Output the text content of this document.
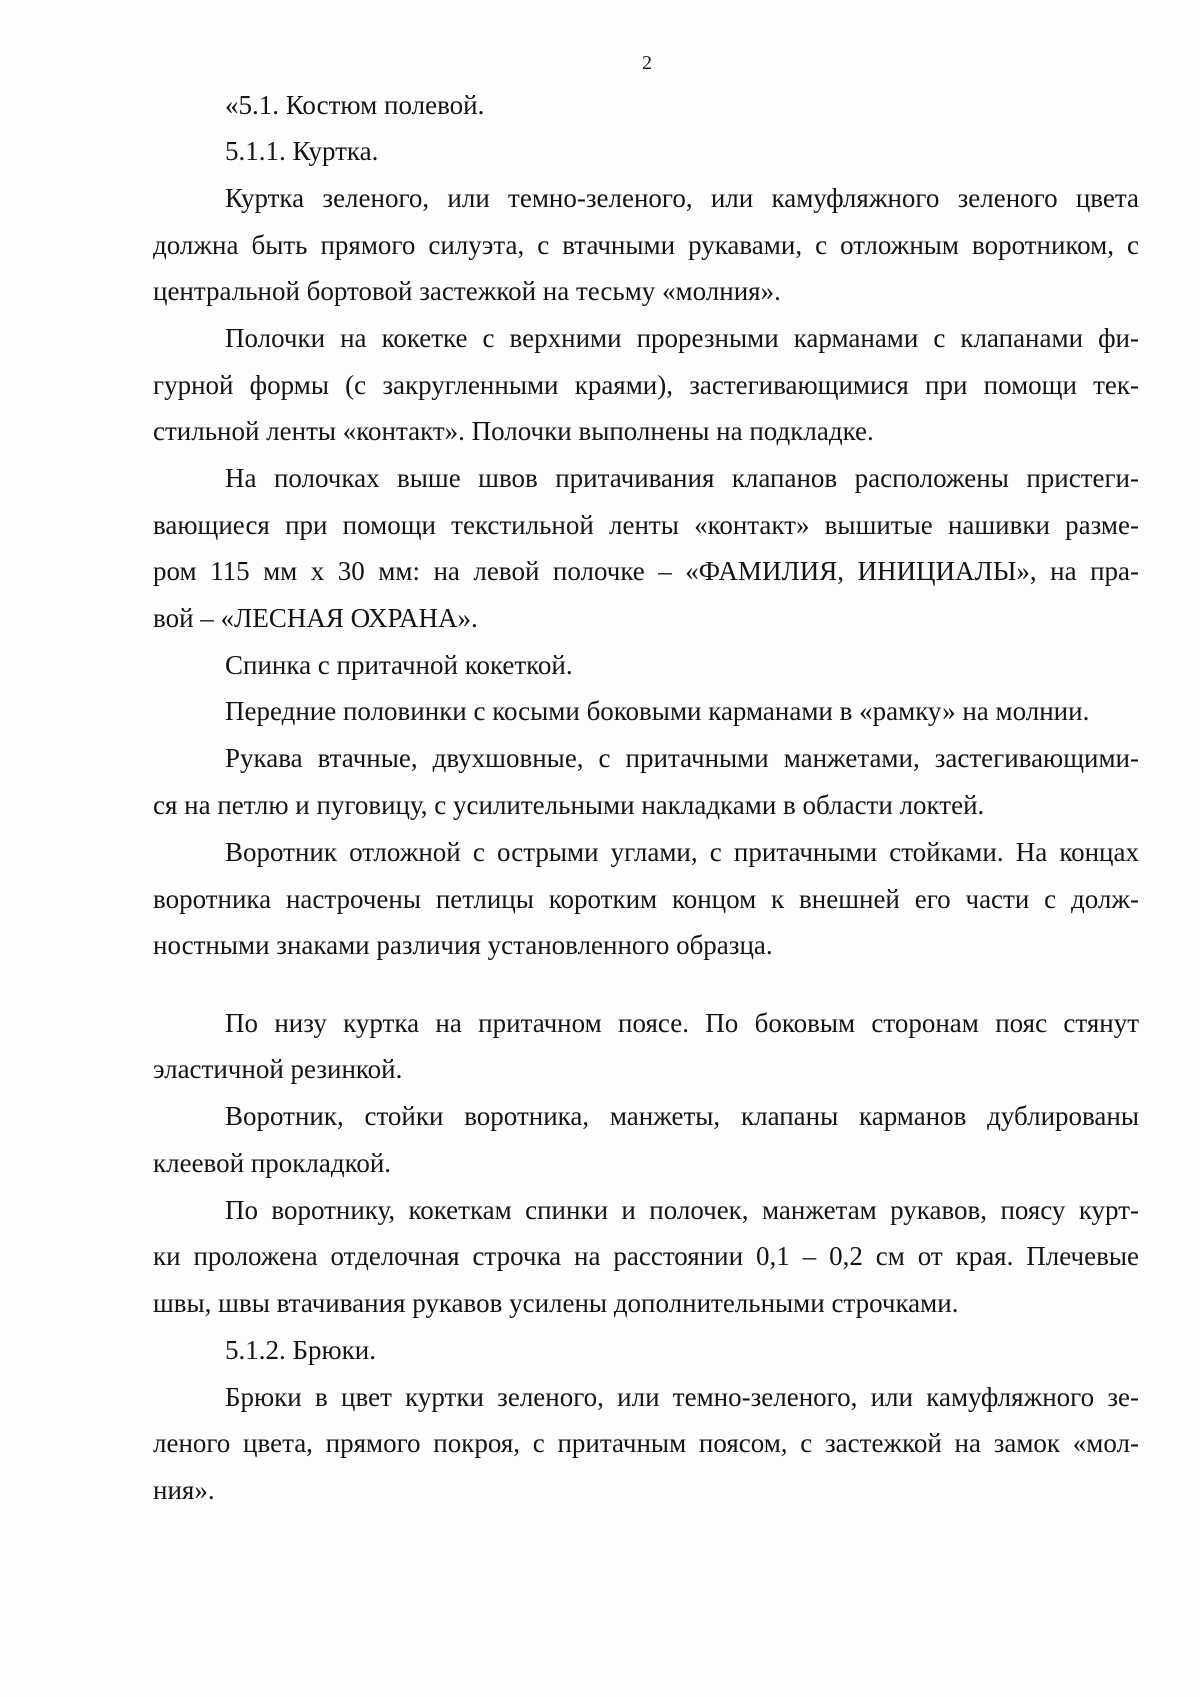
2
«5.1. Костюм полевой.
5.1.1. Куртка.
Куртка зеленого, или темно-зеленого, или камуфляжного зеленого цвета
должна быть прямого силуэта, с втачными рукавами, с отложным воротником, с
центральной бортовой застежкой на тесьму «молния».
Полочки на кокетке с верхними прорезными карманами с клапанами фи-
гурной формы (с закругленными краями), застегивающимися при помощи тек-
стильной ленты «контакт». Полочки выполнены на подкладке.
На полочках выше швов притачивания клапанов расположены пристеги-
вающиеся при помощи текстильной ленты «контакт» вышитые нашивки разме-
ром 115 мм х 30 мм: на левой полочке – «ФАМИЛИЯ, ИНИЦИАЛЫ», на пра-
вой – «ЛЕСНАЯ ОХРАНА».
Спинка с притачной кокеткой.
Передние половинки с косыми боковыми карманами в «рамку» на молнии.
Рукава втачные, двухшовные, с притачными манжетами, застегивающими-
ся на петлю и пуговицу, с усилительными накладками в области локтей.
Воротник отложной с острыми углами, с притачными стойками. На концах
воротника настрочены петлицы коротким концом к внешней его части с долж-
ностными знаками различия установленного образца.
По низу куртка на притачном поясе. По боковым сторонам пояс стянут
эластичной резинкой.
Воротник, стойки воротника, манжеты, клапаны карманов дублированы
клеевой прокладкой.
По воротнику, кокеткам спинки и полочек, манжетам рукавов, поясу курт-
ки проложена отделочная строчка на расстоянии 0,1 – 0,2 см от края. Плечевые
швы, швы втачивания рукавов усилены дополнительными строчками.
5.1.2. Брюки.
Брюки в цвет куртки зеленого, или темно-зеленого, или камуфляжного зе-
леного цвета, прямого покроя, с притачным поясом, с застежкой на замок «мол-
ния».
